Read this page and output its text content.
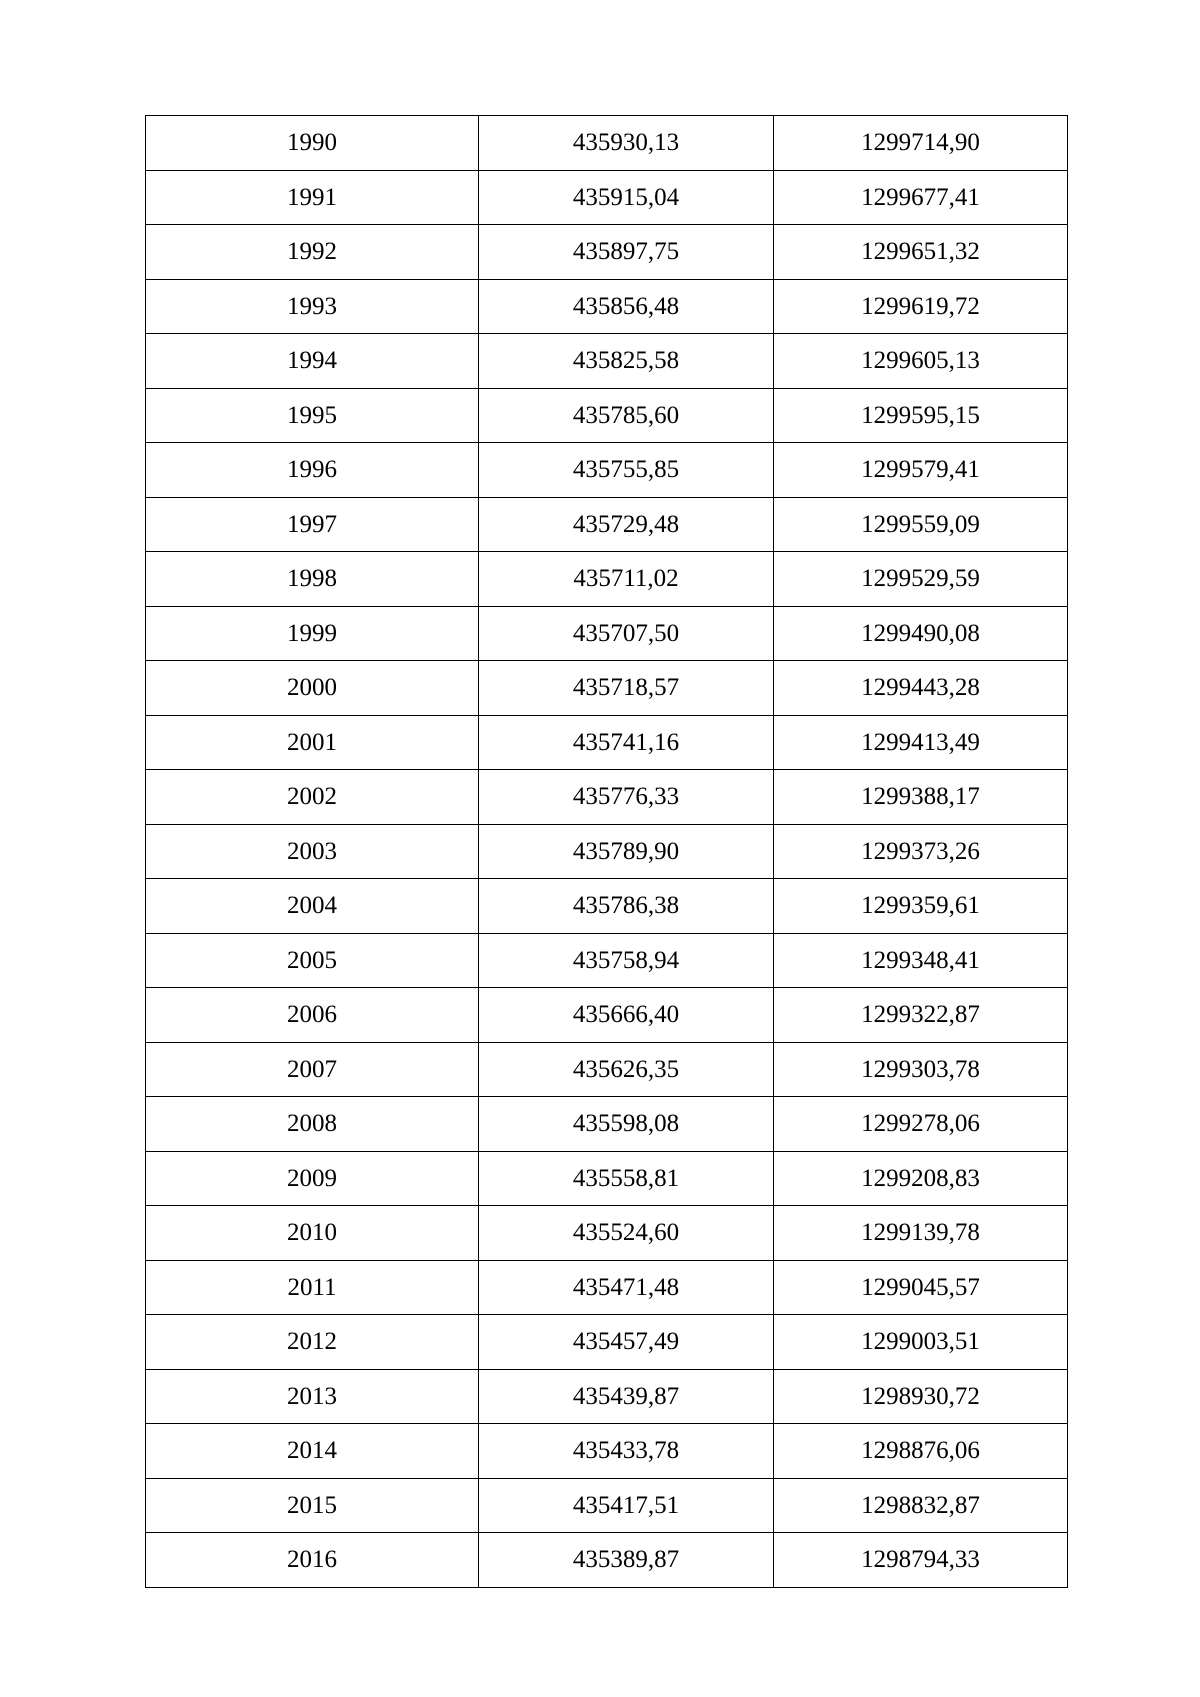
1990	435930,13	1299714,90
1991	435915,04	1299677,41
1992	435897,75	1299651,32
1993	435856,48	1299619,72
1994	435825,58	1299605,13
1995	435785,60	1299595,15
1996	435755,85	1299579,41
1997	435729,48	1299559,09
1998	435711,02	1299529,59
1999	435707,50	1299490,08
2000	435718,57	1299443,28
2001	435741,16	1299413,49
2002	435776,33	1299388,17
2003	435789,90	1299373,26
2004	435786,38	1299359,61
2005	435758,94	1299348,41
2006	435666,40	1299322,87
2007	435626,35	1299303,78
2008	435598,08	1299278,06
2009	435558,81	1299208,83
2010	435524,60	1299139,78
2011	435471,48	1299045,57
2012	435457,49	1299003,51
2013	435439,87	1298930,72
2014	435433,78	1298876,06
2015	435417,51	1298832,87
2016	435389,87	1298794,33
